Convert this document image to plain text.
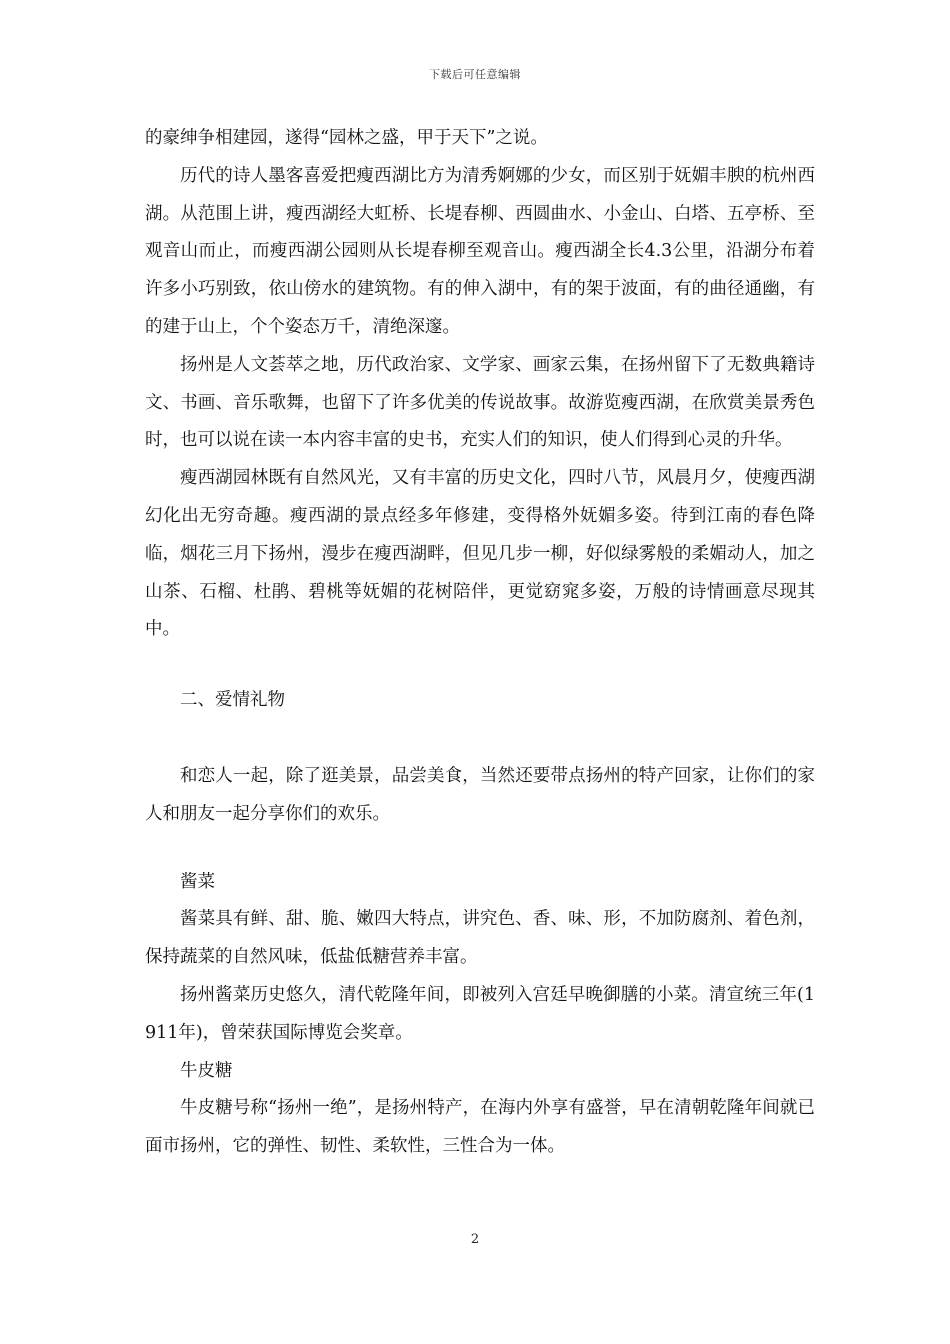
下载后可任意编辑

的豪绅争相建园，遂得“园林之盛，甲于天下”之说。

历代的诗人墨客喜爱把瘦西湖比方为清秀婀娜的少女，而区别于妩媚丰腴的杭州西湖。从范围上讲，瘦西湖经大虹桥、长堤春柳、西圆曲水、小金山、白塔、五亭桥、至观音山而止，而瘦西湖公园则从长堤春柳至观音山。瘦西湖全长4.3公里，沿湖分布着许多小巧别致，依山傍水的建筑物。有的伸入湖中，有的架于波面，有的曲径通幽，有的建于山上，个个姿态万千，清绝深邃。

扬州是人文荟萃之地，历代政治家、文学家、画家云集，在扬州留下了无数典籍诗文、书画、音乐歌舞，也留下了许多优美的传说故事。故游览瘦西湖，在欣赏美景秀色时，也可以说在读一本内容丰富的史书，充实人们的知识，使人们得到心灵的升华。

瘦西湖园林既有自然风光，又有丰富的历史文化，四时八节，风晨月夕，使瘦西湖幻化出无穷奇趣。瘦西湖的景点经多年修建，变得格外妩媚多姿。待到江南的春色降临，烟花三月下扬州，漫步在瘦西湖畔，但见几步一柳，好似绿雾般的柔媚动人，加之山茶、石榴、杜鹃、碧桃等妩媚的花树陪伴，更觉窈窕多姿，万般的诗情画意尽现其中。

二、爱情礼物

和恋人一起，除了逛美景，品尝美食，当然还要带点扬州的特产回家，让你们的家人和朋友一起分享你们的欢乐。

酱菜

酱菜具有鲜、甜、脆、嫩四大特点，讲究色、香、味、形，不加防腐剂、着色剂，保持蔬菜的自然风味，低盐低糖营养丰富。

扬州酱菜历史悠久，清代乾隆年间，即被列入宫廷早晚御膳的小菜。清宣统三年(1911年)，曾荣获国际博览会奖章。

牛皮糖

牛皮糖号称“扬州一绝”，是扬州特产，在海内外享有盛誉，早在清朝乾隆年间就已面市扬州，它的弹性、韧性、柔软性，三性合为一体。

2
